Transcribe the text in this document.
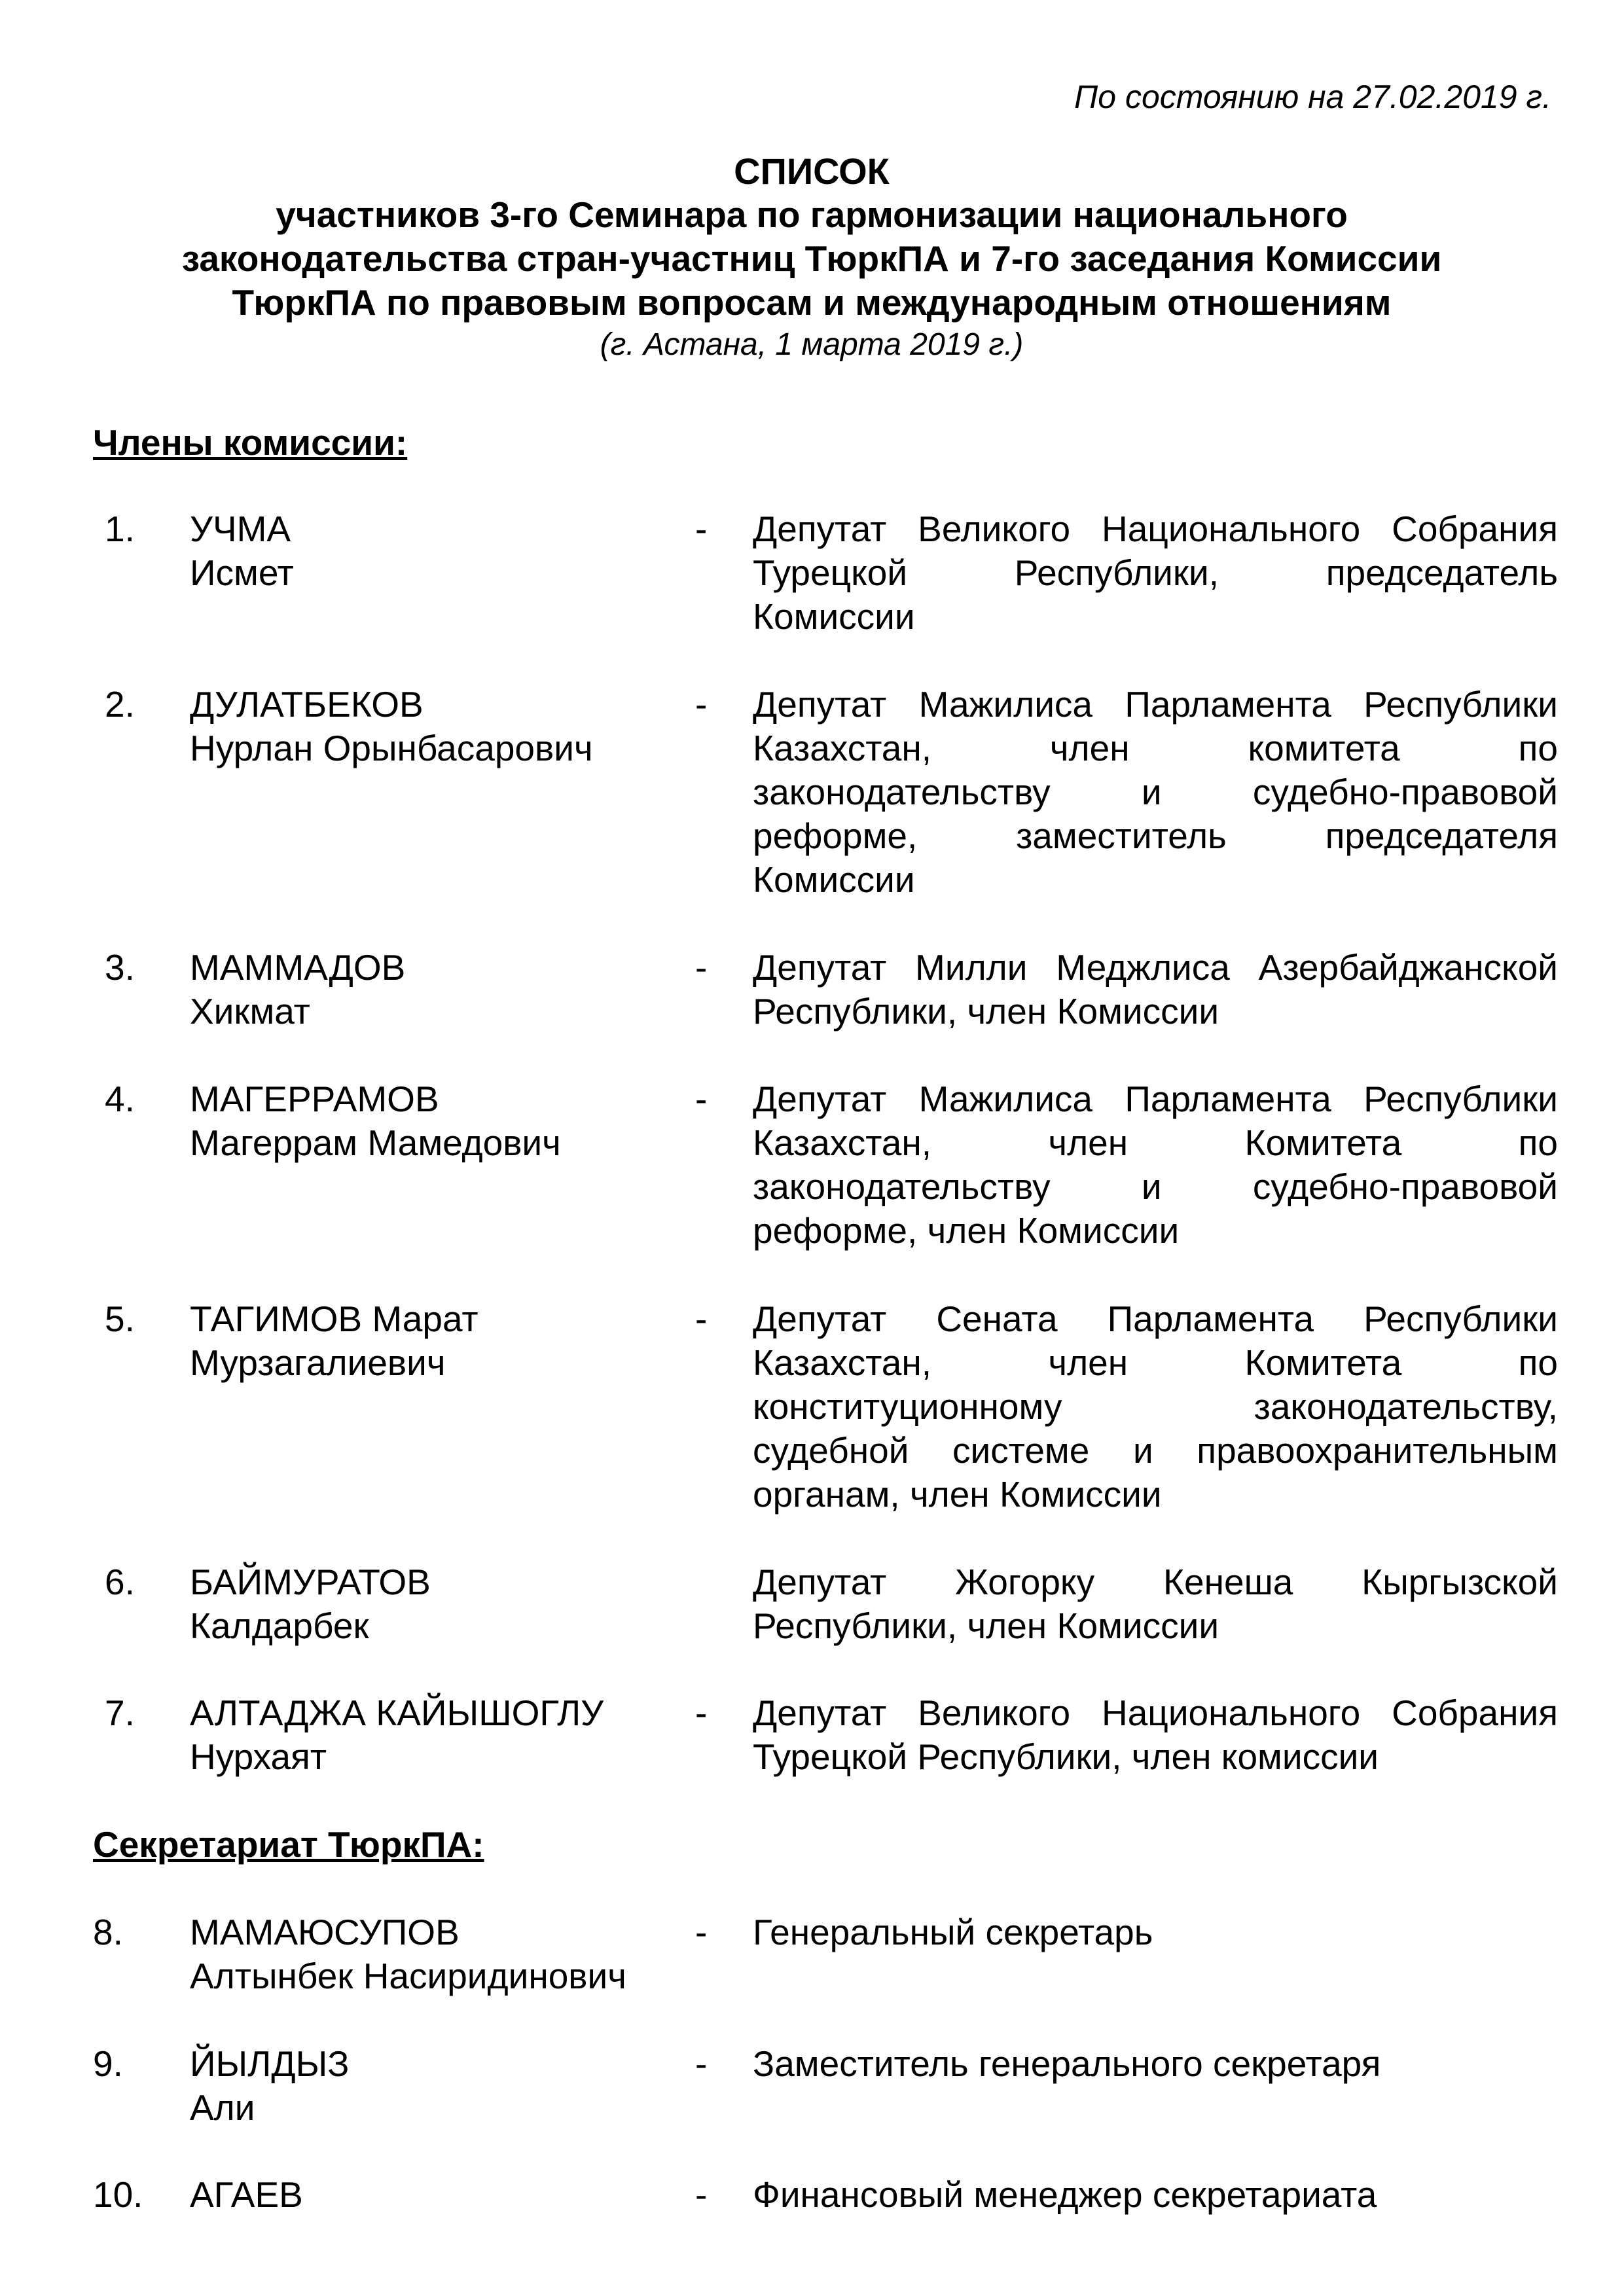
По состоянию на 27.02.2019 г.
СПИСОК
участников 3-го Семинара по гармонизации национального
законодательства стран-участниц ТюркПА и 7-го заседания Комиссии
ТюркПА по правовым вопросам и международным отношениям
(г. Астана, 1 марта 2019 г.)
Члены комиссии:
1. УЧМА
Исмет
- Депутат Великого Национального Собрания
Турецкой Республики, председатель
Комиссии
2. ДУЛАТБЕКОВ
Нурлан Орынбасарович
- Депутат Мажилиса Парламента Республики
Казахстан, член комитета по
законодательству и судебно-правовой
реформе, заместитель председателя
Комиссии
3. МАММАДОВ
Хикмат
- Депутат Милли Меджлиса Азербайджанской
Республики, член Комиссии
4. МАГЕРРАМОВ
Магеррам Мамедович
- Депутат Мажилиса Парламента Республики
Казахстан, член Комитета по
законодательству и судебно-правовой
реформе, член Комиссии
5. ТАГИМОВ Марат
Мурзагалиевич
- Депутат Сената Парламента Республики
Казахстан, член Комитета по
конституционному законодательству,
судебной системе и правоохранительным
органам, член Комиссии
6. БАЙМУРАТОВ
Калдарбек
Депутат Жогорку Кенеша Кыргызской
Республики, член Комиссии
7. АЛТАДЖА КАЙЫШОГЛУ
Нурхаят
- Депутат Великого Национального Собрания
Турецкой Республики, член комиссии
Секретариат ТюркПА:
8. МАМАЮСУПОВ
Алтынбек Насиридинович
- Генеральный секретарь
9. ЙЫЛДЫЗ
Али
- Заместитель генерального секретаря
10. АГАЕВ	- Финансовый менеджер секретариата
